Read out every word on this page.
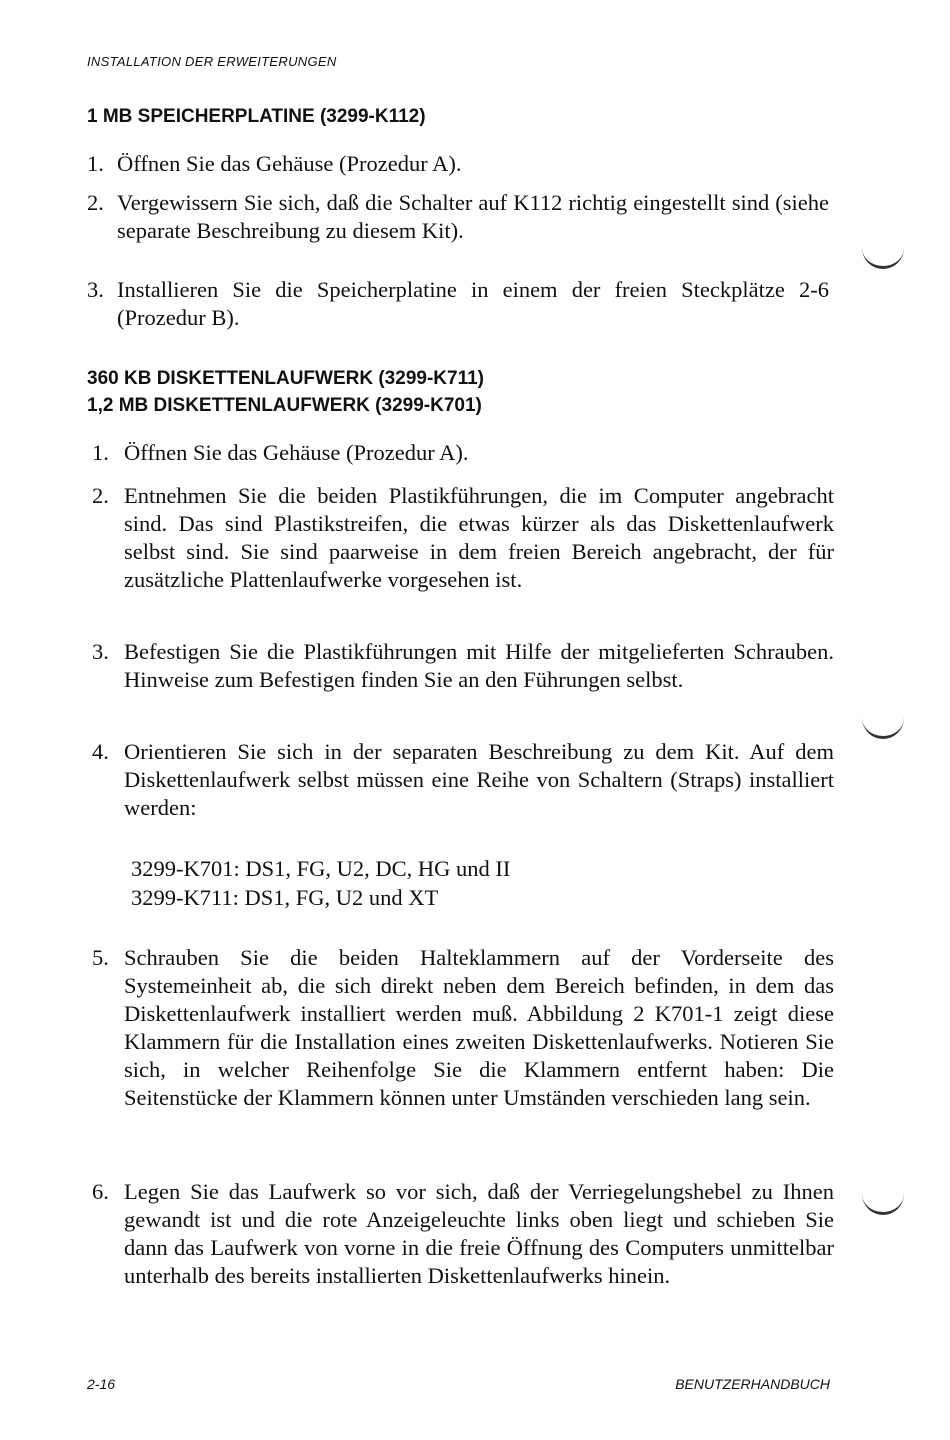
INSTALLATION DER ERWEITERUNGEN
1 MB SPEICHERPLATINE (3299-K112)
1. Öffnen Sie das Gehäuse (Prozedur A).
2. Vergewissern Sie sich, daß die Schalter auf K112 richtig eingestellt sind (siehe separate Beschreibung zu diesem Kit).
3. Installieren Sie die Speicherplatine in einem der freien Steckplätze 2-6 (Prozedur B).
360 KB DISKETTENLAUFWERK (3299-K711)
1,2 MB DISKETTENLAUFWERK (3299-K701)
1. Öffnen Sie das Gehäuse (Prozedur A).
2. Entnehmen Sie die beiden Plastikführungen, die im Computer angebracht sind. Das sind Plastikstreifen, die etwas kürzer als das Diskettenlaufwerk selbst sind. Sie sind paarweise in dem freien Bereich angebracht, der für zusätzliche Plattenlaufwerke vorgesehen ist.
3. Befestigen Sie die Plastikführungen mit Hilfe der mitgelieferten Schrauben. Hinweise zum Befestigen finden Sie an den Führungen selbst.
4. Orientieren Sie sich in der separaten Beschreibung zu dem Kit. Auf dem Diskettenlaufwerk selbst müssen eine Reihe von Schaltern (Straps) installiert werden:
3299-K701: DS1, FG, U2, DC, HG und II
3299-K711: DS1, FG, U2 und XT
5. Schrauben Sie die beiden Halteklammern auf der Vorderseite des Systemeinheit ab, die sich direkt neben dem Bereich befinden, in dem das Diskettenlaufwerk installiert werden muß. Abbildung 2 K701-1 zeigt diese Klammern für die Installation eines zweiten Diskettenlaufwerks. Notieren Sie sich, in welcher Reihenfolge Sie die Klammern entfernt haben: Die Seitenstücke der Klammern können unter Umständen verschieden lang sein.
6. Legen Sie das Laufwerk so vor sich, daß der Verriegelungshebel zu Ihnen gewandt ist und die rote Anzeigeleuchte links oben liegt und schieben Sie dann das Laufwerk von vorne in die freie Öffnung des Computers unmittelbar unterhalb des bereits installierten Diskettenlaufwerks hinein.
2-16	BENUTZERHANDBUCH
